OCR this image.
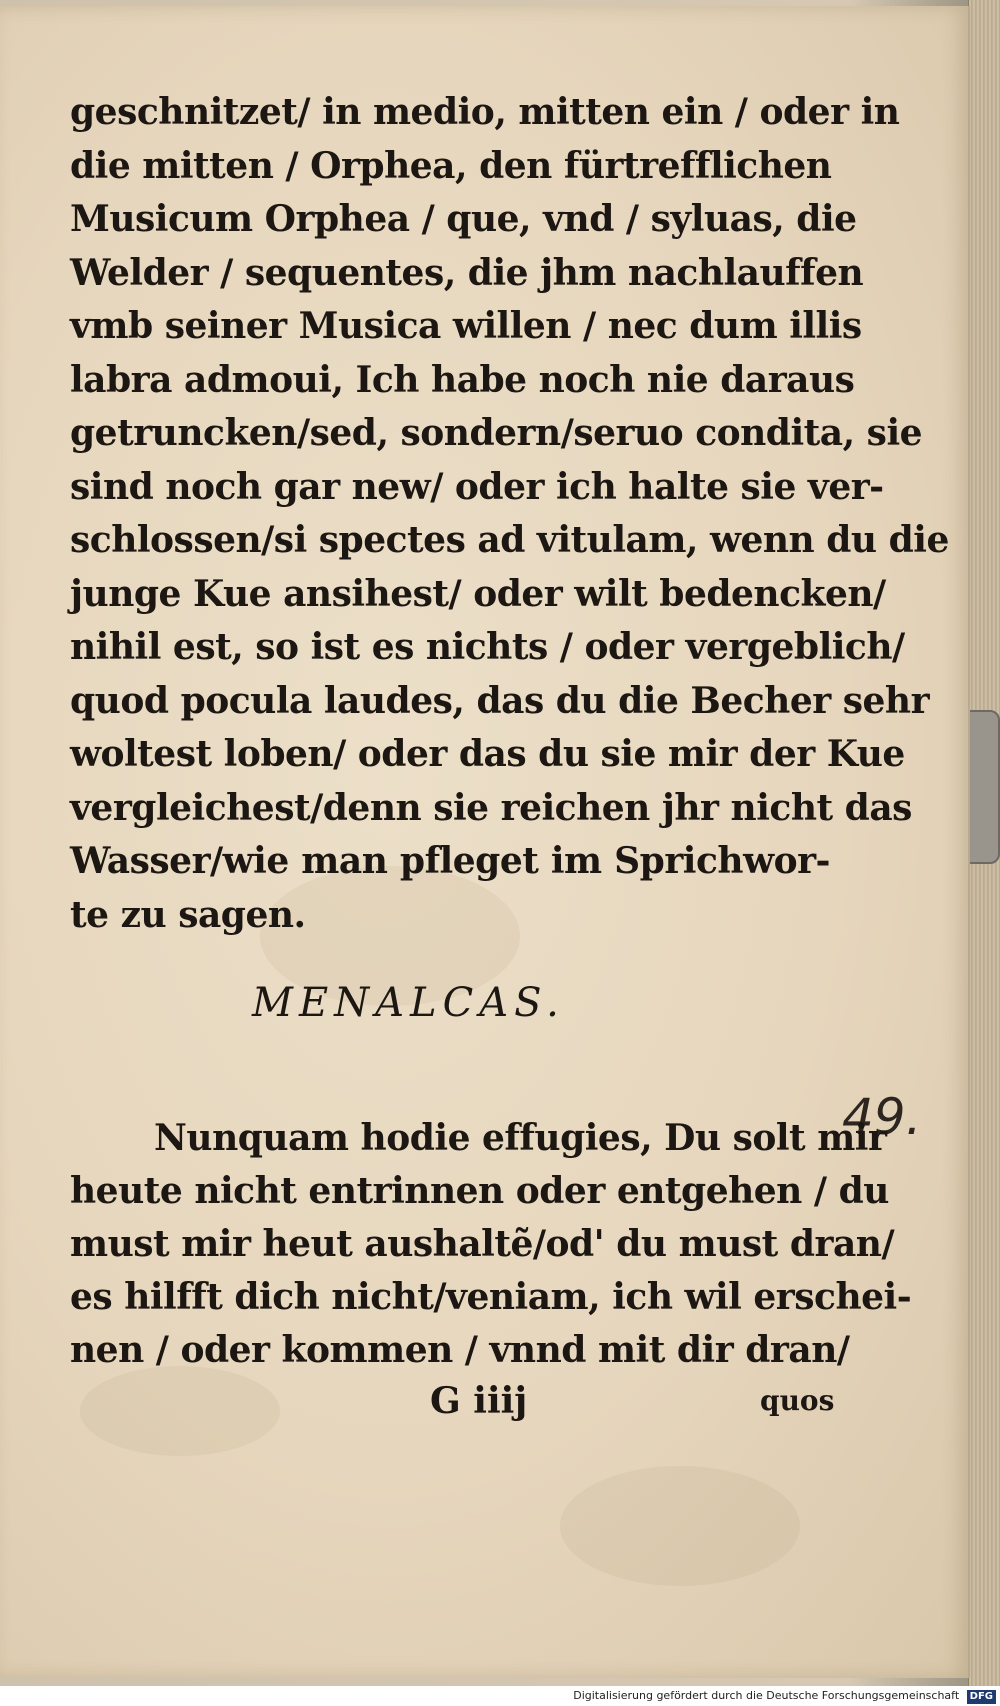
geschnitzet/ in medio, mitten ein / oder in
die mitten / Orphea, den fürtrefflichen
Musicum Orphea / que, vnd / syluas, die
Welder / sequentes, die jhm nachlauffen
vmb seiner Musica willen / nec dum illis
labra admoui, Ich habe noch nie daraus
getruncken/sed, sondern/seruo condita, sie
sind noch gar new/ oder ich halte sie ver-
schlossen/si spectes ad vitulam, wenn du die
junge Kue ansihest/ oder wilt bedencken/
nihil est, so ist es nichts / oder vergeblich/
quod pocula laudes, das du die Becher sehr
woltest loben/ oder das du sie mir der Kue
vergleichest/denn sie reichen jhr nicht das
Wasser/wie man pfleget im Sprichwor-
te zu sagen.
MENALCAS.
49.
Nunquam hodie effugies, Du solt mir
heute nicht entrinnen oder entgehen / du
must mir heut aushaltẽ/od' du must dran/
es hilfft dich nicht/veniam, ich wil erschei-
nen / oder kommen / vnnd mit dir dran/
G iiij	quos
Digitalisierung gefördert durch die Deutsche Forschungsgemeinschaft DFG
